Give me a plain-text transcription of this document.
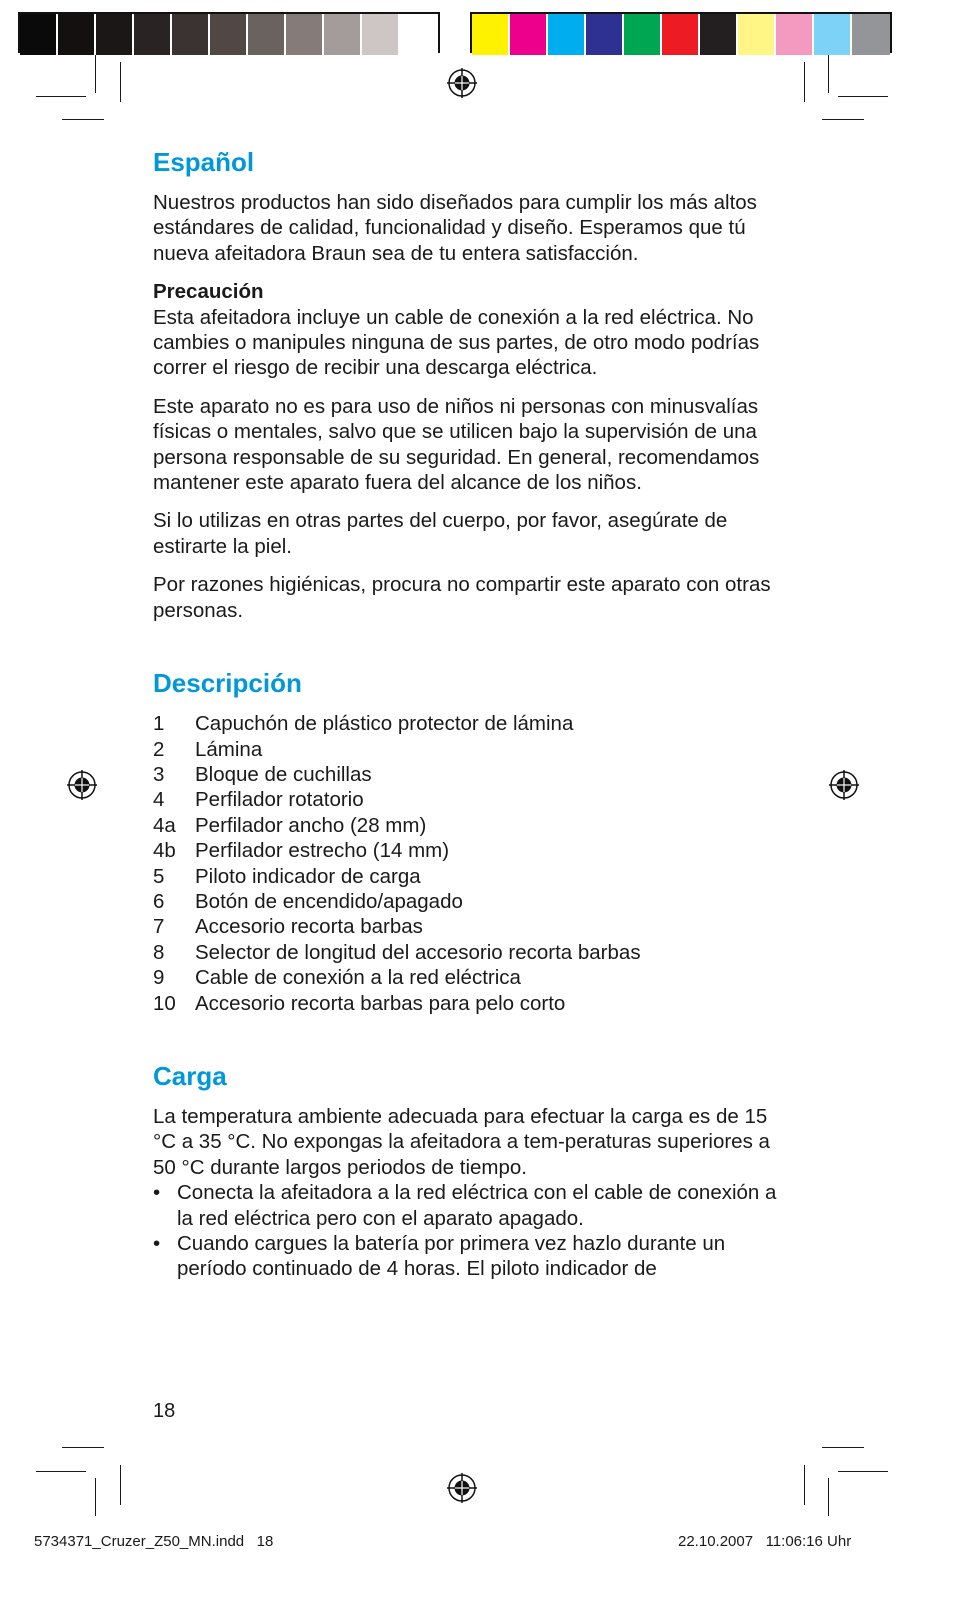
Español

Nuestros productos han sido diseñados para cumplir los más altos estándares de calidad, funcionalidad y diseño. Esperamos que tú nueva afeitadora Braun sea de tu entera satisfacción.

Precaución

Esta afeitadora incluye un cable de conexión a la red eléctrica. No cambies o manipules ninguna de sus partes, de otro modo podrías correr el riesgo de recibir una descarga eléctrica.

Este aparato no es para uso de niños ni personas con minusvalías físicas o mentales, salvo que se utilicen bajo la supervisión de una persona responsable de su seguridad. En general, recomendamos mantener este aparato fuera del alcance de los niños.

Si lo utilizas en otras partes del cuerpo, por favor, asegúrate de estirarte la piel.

Por razones higiénicas, procura no compartir este aparato con otras personas.

Descripción
1	Capuchón de plástico protector de lámina
2	Lámina
3	Bloque de cuchillas
4	Perfilador rotatorio
4a Perfilador ancho (28 mm)
4b Perfilador estrecho (14 mm)
5	Piloto indicador de carga
6	Botón de encendido/apagado
7	Accesorio recorta barbas
8	Selector de longitud del accesorio recorta barbas
9	Cable de conexión a la red eléctrica
10 Accesorio recorta barbas para pelo corto
Carga

La temperatura ambiente adecuada para efectuar la carga es de 15 °C a 35 °C. No expongas la afeitadora a tem-peraturas superiores a 50 °C durante largos periodos de tiempo.

• Conecta la afeitadora a la red eléctrica con el cable de conexión a la red eléctrica pero con el aparato apagado.
• Cuando cargues la batería por primera vez hazlo durante un período continuado de 4 horas. El piloto indicador de
18
5734371_Cruzer_Z50_MN.indd   18	22.10.2007   11:06:16 Uhr
